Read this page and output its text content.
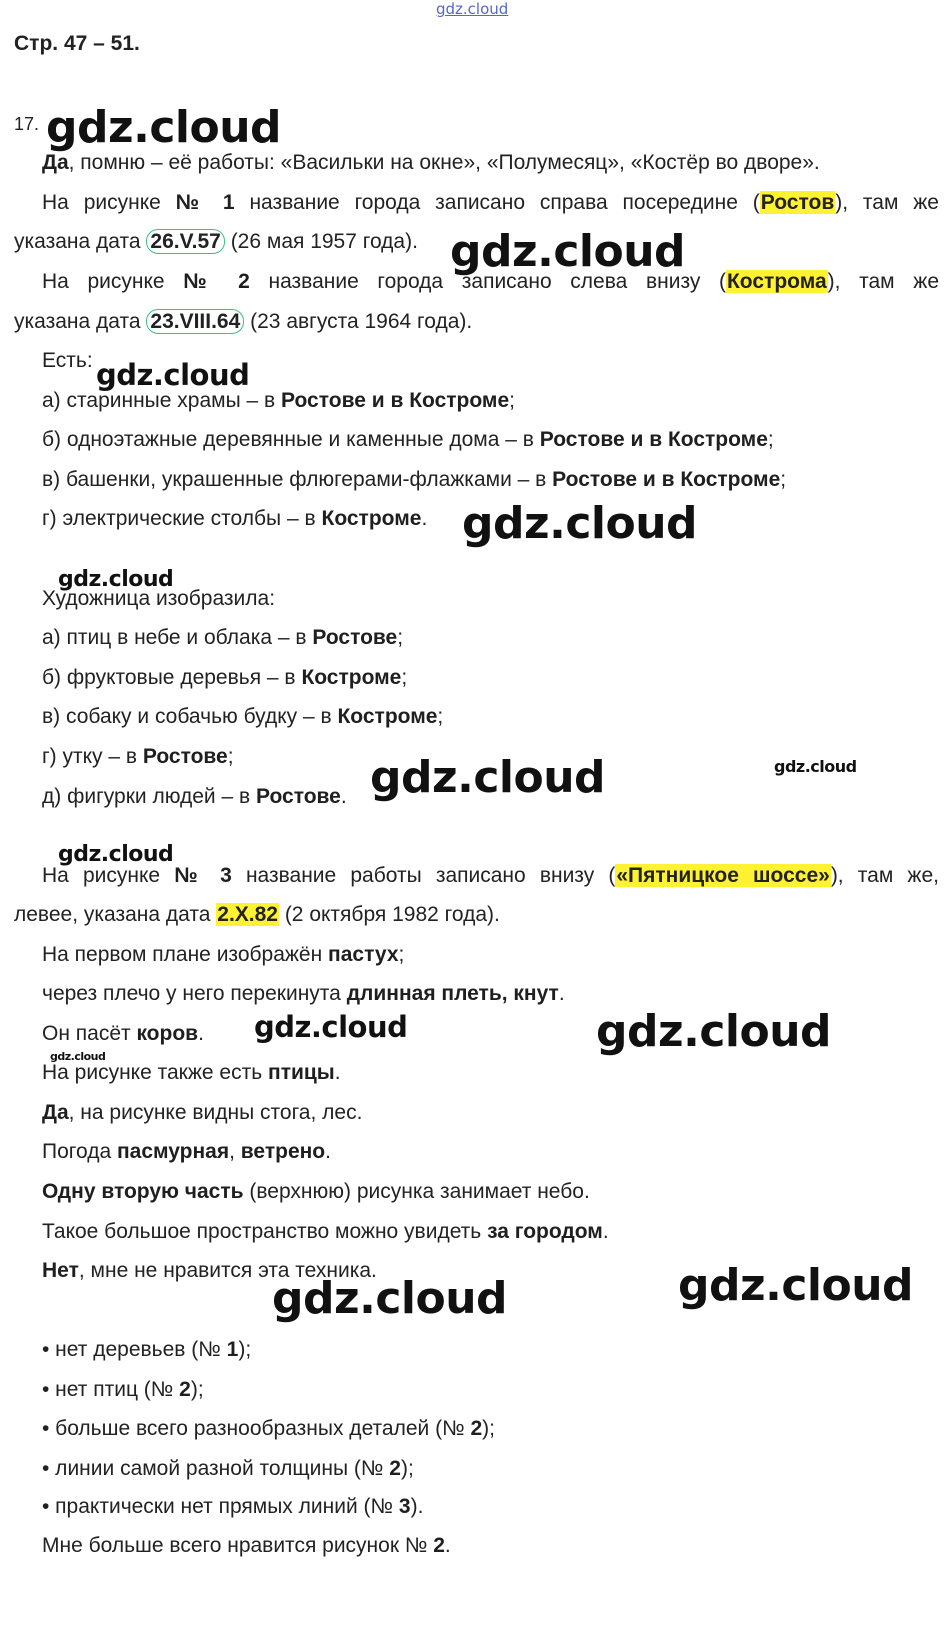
gdz.cloud
Стр. 47 – 51.
17.
Да, помню – её работы: «Васильки на окне», «Полумесяц», «Костёр во дворе».
На рисунке № 1 название города записано справа посередине (Ростов), там же
указана дата 26.V.57 (26 мая 1957 года).
На рисунке № 2 название города записано слева внизу (Кострома), там же
указана дата 23.VIII.64 (23 августа 1964 года).
Есть:
а) старинные храмы – в Ростове и в Костроме;
б) одноэтажные деревянные и каменные дома – в Ростове и в Костроме;
в) башенки, украшенные флюгерами-флажками – в Ростове и в Костроме;
г) электрические столбы – в Костроме.
Художница изобразила:
а) птиц в небе и облака – в Ростове;
б) фруктовые деревья – в Костроме;
в) собаку и собачью будку – в Костроме;
г) утку – в Ростове;
д) фигурки людей – в Ростове.
На рисунке № 3 название работы записано внизу («Пятницкое шоссе»), там же,
левее, указана дата 2.X.82 (2 октября 1982 года).
На первом плане изображён пастух;
через плечо у него перекинута длинная плеть, кнут.
Он пасёт коров.
На рисунке также есть птицы.
Да, на рисунке видны стога, лес.
Погода пасмурная, ветрено.
Одну вторую часть (верхнюю) рисунка занимает небо.
Такое большое пространство можно увидеть за городом.
Нет, мне не нравится эта техника.
• нет деревьев (№ 1);
• нет птиц (№ 2);
• больше всего разнообразных деталей (№ 2);
• линии самой разной толщины (№ 2);
• практически нет прямых линий (№ 3).
Мне больше всего нравится рисунок № 2.
gdz.cloud
gdz.cloud
gdz.cloud
gdz.cloud
gdz.cloud
gdz.cloud	gdz.cloud
gdz.cloud
gdz.cloud	gdz.cloud
gdz.cloud
gdz.cloud
gdz.cloud
